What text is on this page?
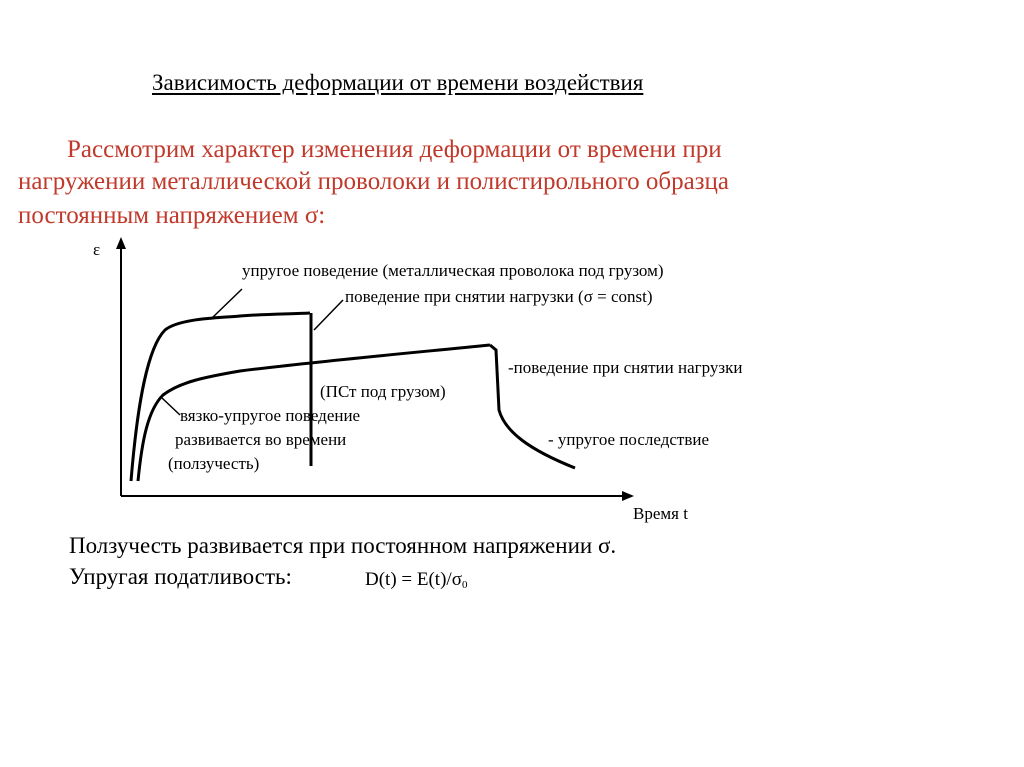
Зависимость деформации от времени воздействия
Рассмотрим характер изменения деформации от времени при
нагружении металлической проволоки и полистирольного образца
постоянным напряжением σ:
ε
Время t
упругое поведение (металлическая проволока под грузом)
поведение при снятии нагрузки (σ = const)
-поведение при снятии нагрузки
(ПСт под грузом)
вязко-упругое поведение
развивается во времени
(ползучесть)
- упругое последствие
Ползучесть развивается при постоянном напряжении σ.
Упругая податливость:	$D(t) = E(t)/\sigma_0$
